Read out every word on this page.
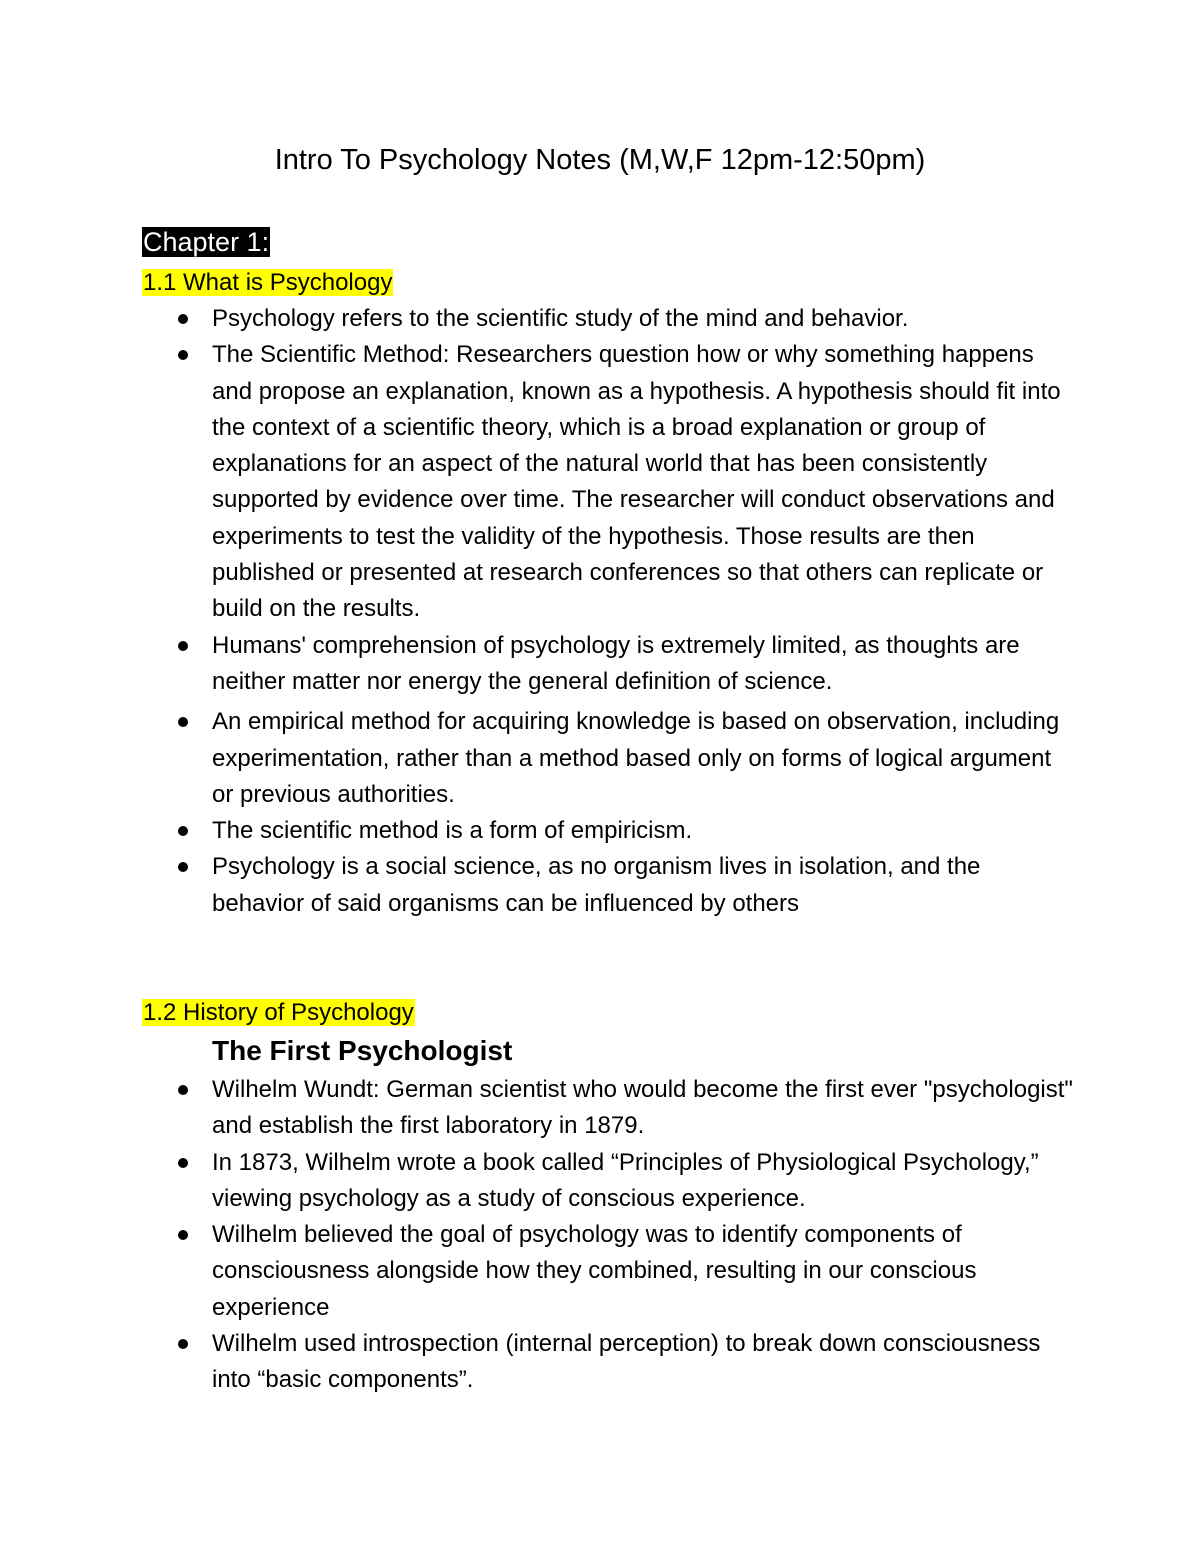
Intro To Psychology Notes (M,W,F 12pm-12:50pm)
Chapter 1:
1.1 What is Psychology
Psychology refers to the scientific study of the mind and behavior.
The Scientific Method: Researchers question how or why something happens and propose an explanation, known as a hypothesis. A hypothesis should fit into the context of a scientific theory, which is a broad explanation or group of explanations for an aspect of the natural world that has been consistently supported by evidence over time. The researcher will conduct observations and experiments to test the validity of the hypothesis. Those results are then published or presented at research conferences so that others can replicate or build on the results.
Humans' comprehension of psychology is extremely limited, as thoughts are neither matter nor energy the general definition of science.
An empirical method for acquiring knowledge is based on observation, including experimentation, rather than a method based only on forms of logical argument or previous authorities.
The scientific method is a form of empiricism.
Psychology is a social science, as no organism lives in isolation, and the behavior of said organisms can be influenced by others
1.2 History of Psychology
The First Psychologist
Wilhelm Wundt: German scientist who would become the first ever "psychologist" and establish the first laboratory in 1879.
In 1873, Wilhelm wrote a book called “Principles of Physiological Psychology,” viewing psychology as a study of conscious experience.
Wilhelm believed the goal of psychology was to identify components of consciousness alongside how they combined, resulting in our conscious experience
Wilhelm used introspection (internal perception) to break down consciousness into “basic components”.
